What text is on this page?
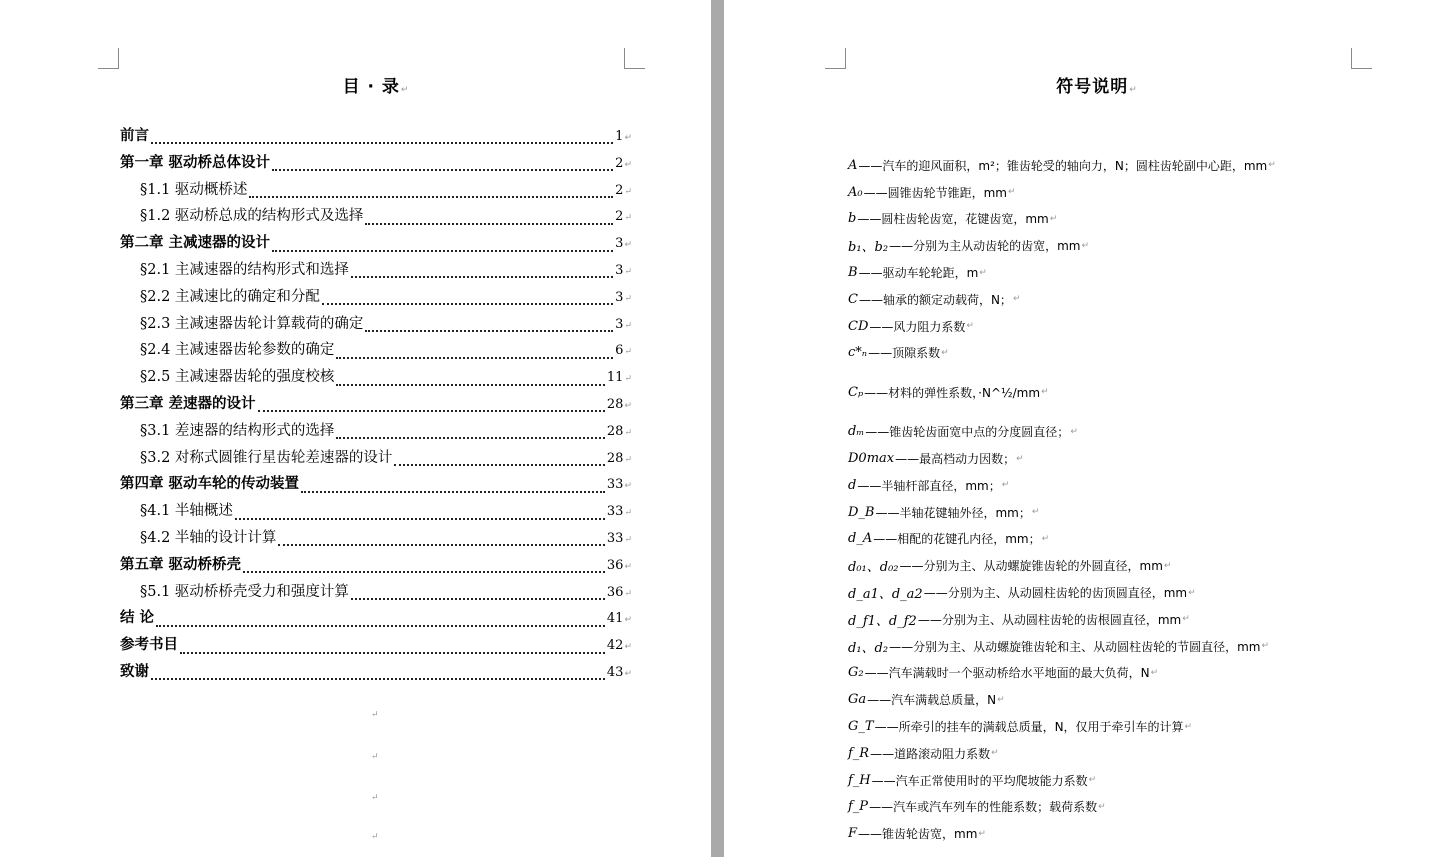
目 · 录↵
前言	1 ↵
第一章 驱动桥总体设计	2 ↵
§1.1 驱动概桥述	2 ↵
§1.2 驱动桥总成的结构形式及选择	2 ↵
第二章 主减速器的设计	3 ↵
§2.1 主减速器的结构形式和选择	3 ↵
§2.2 主减速比的确定和分配	3 ↵
§2.3 主减速器齿轮计算载荷的确定	3 ↵
§2.4 主减速器齿轮参数的确定	6 ↵
§2.5 主减速器齿轮的强度校核	11 ↵
第三章 差速器的设计	28 ↵
§3.1 差速器的结构形式的选择	28 ↵
§3.2 对称式圆锥行星齿轮差速器的设计	28 ↵
第四章 驱动车轮的传动装置	33 ↵
§4.1 半轴概述	33 ↵
§4.2 半轴的设计计算	33 ↵
第五章 驱动桥桥壳	36 ↵
§5.1 驱动桥桥壳受力和强度计算	36 ↵
结 论	41 ↵
参考书目	42 ↵
致谢	43 ↵
↵
↵
↵
↵
符号说明↵
A ——汽车的迎风面积，m²；锥齿轮受的轴向力，N；圆柱齿轮副中心距，mm ↵
A₀ ——圆锥齿轮节锥距，mm ↵
b ——圆柱齿轮齿宽，花键齿宽，mm ↵
b₁、b₂ ——分别为主从动齿轮的齿宽，mm ↵
B ——驱动车轮轮距，m ↵
C ——轴承的额定动载荷，N； ↵
CD ——风力阻力系数 ↵
c*ₙ ——顶隙系数 ↵
Cₚ ——材料的弹性系数，·N^½/mm ↵
dₘ ——锥齿轮齿面宽中点的分度圆直径； ↵
D0max ——最高档动力因数； ↵
d ——半轴杆部直径，mm； ↵
D_B ——半轴花键轴外径，mm； ↵
d_A ——相配的花键孔内径，mm； ↵
d₀₁、d₀₂ ——分别为主、从动螺旋锥齿轮的外圆直径，mm ↵
d_a1、d_a2 ——分别为主、从动圆柱齿轮的齿顶圆直径，mm ↵
d_f1、d_f2 ——分别为主、从动圆柱齿轮的齿根圆直径，mm ↵
d₁、d₂ ——分别为主、从动螺旋锥齿轮和主、从动圆柱齿轮的节圆直径，mm ↵
G₂ ——汽车满载时一个驱动桥给水平地面的最大负荷，N ↵
Ga ——汽车满载总质量，N ↵
G_T ——所牵引的挂车的满载总质量，N，仅用于牵引车的计算 ↵
f_R ——道路滚动阻力系数 ↵
f_H ——汽车正常使用时的平均爬坡能力系数 ↵
f_P ——汽车或汽车列车的性能系数；载荷系数 ↵
F ——锥齿轮齿宽，mm ↵
